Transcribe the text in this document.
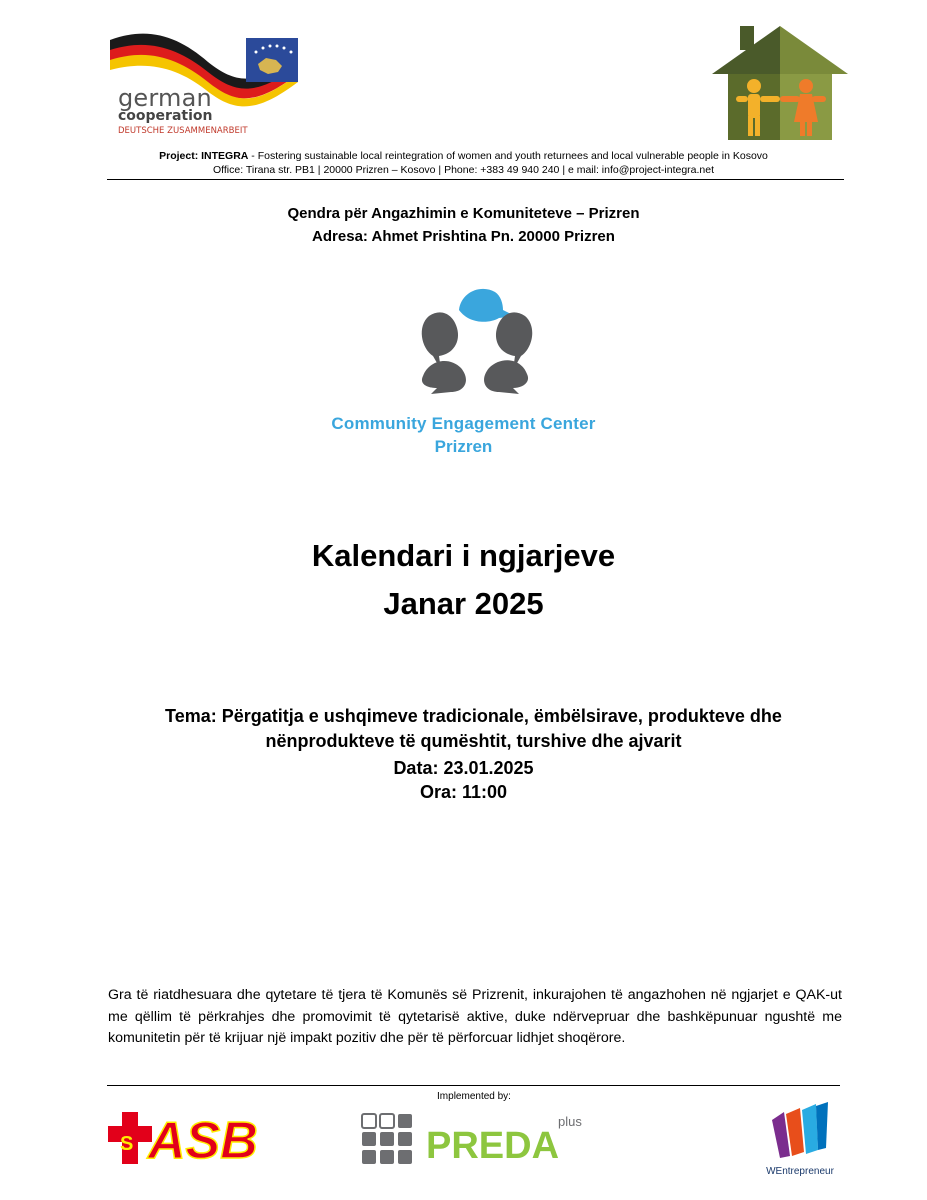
german
cooperation
DEUTSCHE ZUSAMMENARBEIT
Project: INTEGRA - Fostering sustainable local reintegration of women and youth returnees and local vulnerable people in Kosovo
Office: Tirana str. PB1 | 20000 Prizren – Kosovo | Phone: +383 49 940 240 | e mail: info@project-integra.net
Qendra për Angazhimin e Komuniteteve – Prizren
Adresa: Ahmet Prishtina Pn. 20000 Prizren
Community Engagement Center
Prizren
Kalendari i ngjarjeve
Janar 2025
Tema: Përgatitja e ushqimeve tradicionale, ëmbëlsirave, produkteve dhe nënprodukteve të qumështit, turshive dhe ajvarit
Data: 23.01.2025
Ora: 11:00
Gra të riatdhesuara dhe qytetare të tjera të Komunës së Prizrenit, inkurajohen të angazhohen në ngjarjet e QAK-ut me qëllim të përkrahjes dhe promovimit të qytetarisë aktive, duke ndërvepruar dhe bashkëpunuar ngushtë me komunitetin për të krijuar një impakt pozitiv dhe për të përforcuar lidhjet shoqërore.
Implemented by:
S ASB	PREDA
plus
WEntrepreneur
